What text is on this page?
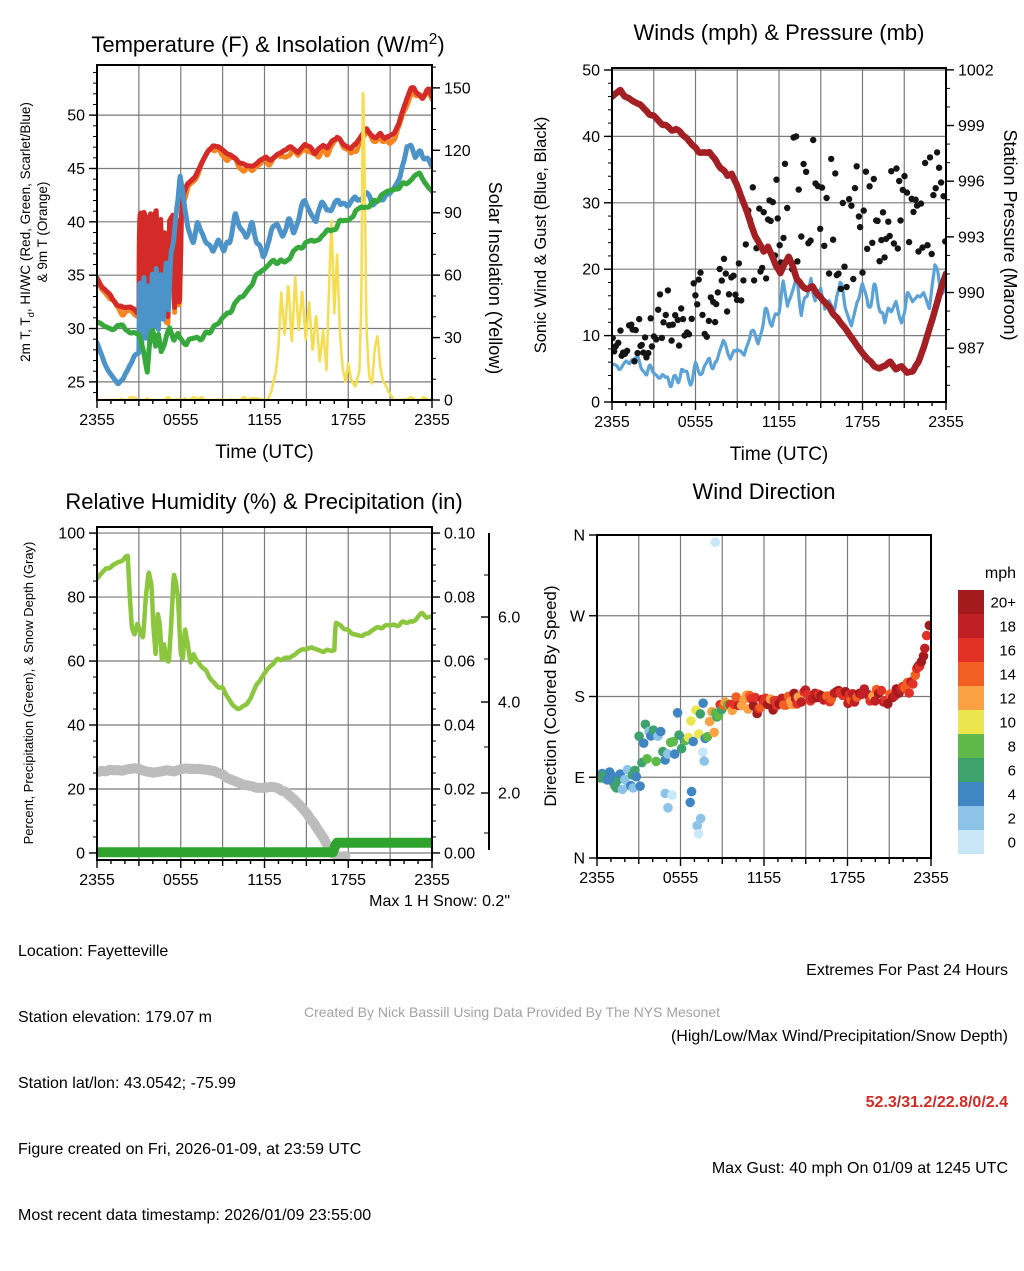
2355	0555	1155	1755	2355
Time (UTC)
25
30
35
40
45
50
0
30
60
90
120
150
Temperature (F) & Insolation $(W/m^2)$
2m T, $T_d$, HI/WC (Red, Green, Scarlet/Blue) & 9m T (Orange)	Solar Insolation (Yellow)
2355	0555	1155	1755	2355
Time (UTC)
0
10
20
30
40
50
987
990
993
996
999
1002
Winds (mph) & Pressure (mb)
Sonic Wind & Gust (Blue, Black)	Station Pressure (Maroon)
2355	0555	1155	1755	2355
0
20
40
60
80
100
0.00
0.02
0.04
0.06
0.08
0.10
Relative Humidity (%) & Precipitation (in)
Percent, Precipitation (Green), & Snow Depth (Gray)	6.0
4.0
2.0
2355	0555	1155	1755	2355
N
E
S
W
N
Wind Direction
Direction (Colored By Speed)
mph
20+
18
16
14
12
10
8
6
4
2
0

Location: Fayetteville

Station elevation: 179.07 m

Station lat/lon: 43.0542; -75.99

Figure created on Fri, 2026-01-09, at 23:59 UTC

Most recent data timestamp: 2026/01/09 23:55:00

Max 1 H Snow: 0.2"

Extremes For Past 24 Hours

(High/Low/Max Wind/Precipitation/Snow Depth)

52.3/31.2/22.8/0/2.4

Max Gust: 40 mph On 01/09 at 1245 UTC

Created By Nick Bassill Using Data Provided By The NYS Mesonet
